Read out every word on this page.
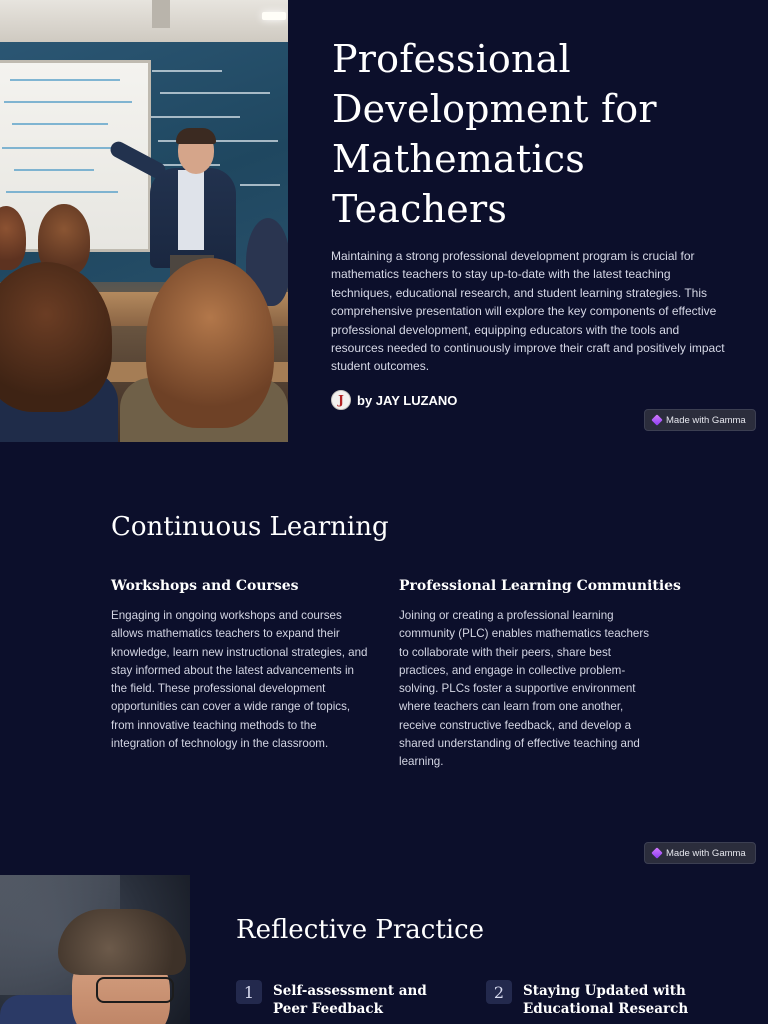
Professional Development for Mathematics Teachers

Maintaining a strong professional development program is crucial for mathematics teachers to stay up-to-date with the latest teaching techniques, educational research, and student learning strategies. This comprehensive presentation will explore the key components of effective professional development, equipping educators with the tools and resources needed to continuously improve their craft and positively impact student outcomes.

J	by JAY LUZANO
Made with Gamma
Continuous Learning
Workshops and Courses

Engaging in ongoing workshops and courses allows mathematics teachers to expand their knowledge, learn new instructional strategies, and stay informed about the latest advancements in the field. These professional development opportunities can cover a wide range of topics, from innovative teaching methods to the integration of technology in the classroom.

Professional Learning Communities

Joining or creating a professional learning community (PLC) enables mathematics teachers to collaborate with their peers, share best practices, and engage in collective problem-solving. PLCs foster a supportive environment where teachers can learn from one another, receive constructive feedback, and develop a shared understanding of effective teaching and learning.

Made with Gamma
Reflective Practice
1	Self-assessment and Peer Feedback
2	Staying Updated with Educational Research
